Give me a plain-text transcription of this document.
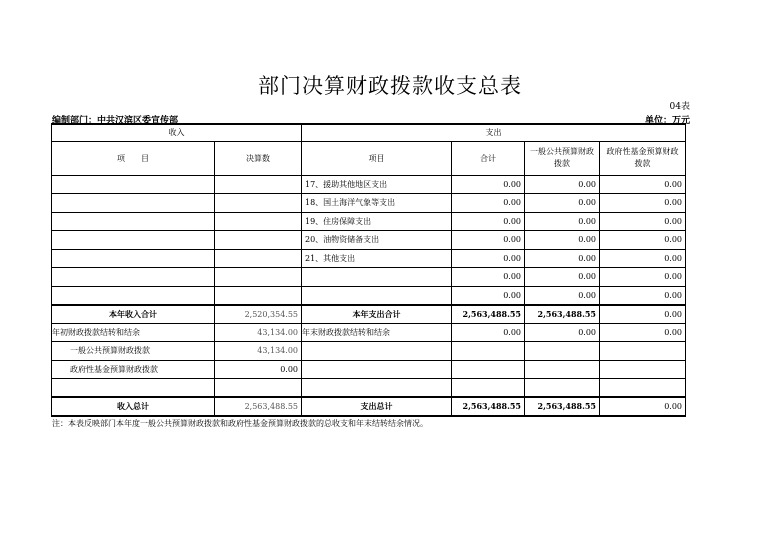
部门决算财政拨款收支总表
04表
编制部门：中共汉滨区委宣传部	单位：万元
收入		支出			
项　　目	决算数	项目	合计	一般公共预算财政拨款	政府性基金预算财政拨款
		17、援助其他地区支出	0.00	0.00	0.00
		18、国土海洋气象等支出	0.00	0.00	0.00
		19、住房保障支出	0.00	0.00	0.00
		20、油物资储备支出	0.00	0.00	0.00
		21、其他支出	0.00	0.00	0.00
			0.00	0.00	0.00
			0.00	0.00	0.00
本年收入合计	2,520,354.55	本年支出合计	2,563,488.55	2,563,488.55	0.00
年初财政拨款结转和结余	43,134.00	年末财政拨款结转和结余	0.00	0.00	0.00
一般公共预算财政拨款	43,134.00				
政府性基金预算财政拨款	0.00				

收入总计	2,563,488.55	支出总计	2,563,488.55	2,563,488.55	0.00
注：本表反映部门本年度一般公共预算财政拨款和政府性基金预算财政拨款的总收支和年末结转结余情况。
